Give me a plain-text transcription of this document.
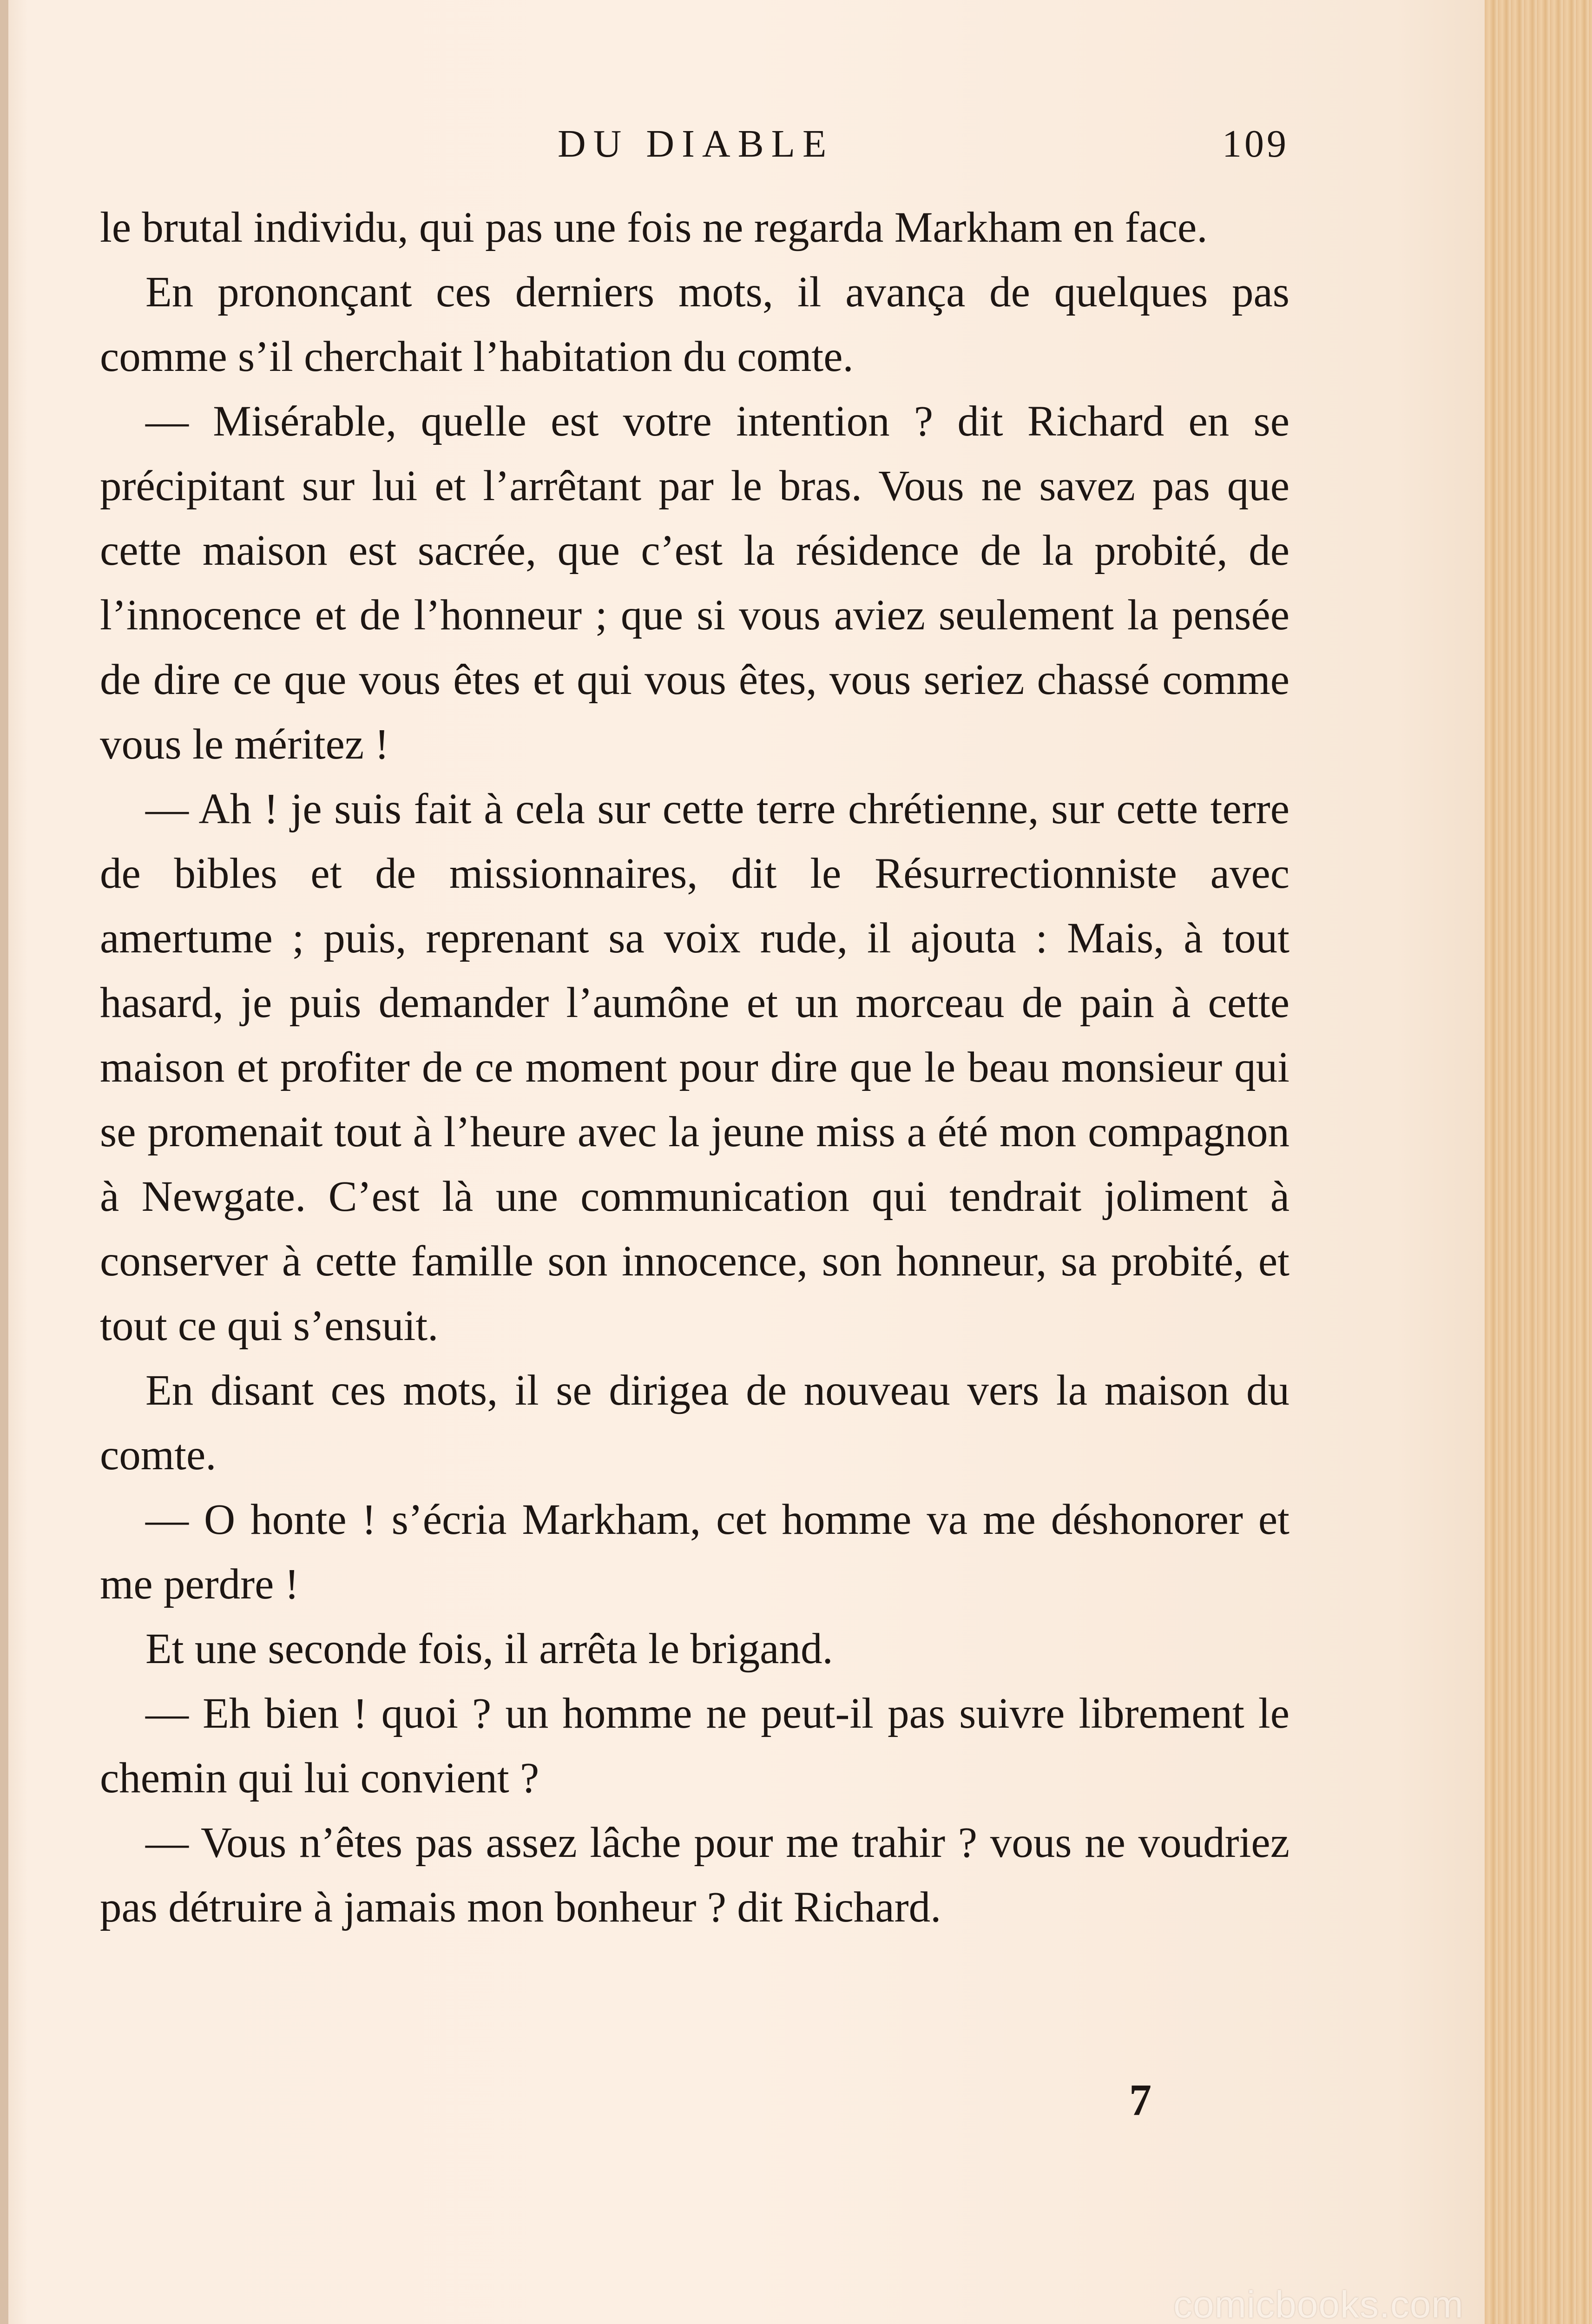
DU DIABLE	109

le brutal individu, qui pas une fois ne regarda Markham en face.

En prononçant ces derniers mots, il avança de quelques pas comme s’il cherchait l’habitation du comte.

— Misérable, quelle est votre intention ? dit Richard en se précipitant sur lui et l’arrêtant par le bras. Vous ne savez pas que cette maison est sacrée, que c’est la résidence de la probité, de l’innocence et de l’honneur ; que si vous aviez seulement la pensée de dire ce que vous êtes et qui vous êtes, vous seriez chassé comme vous le méritez !

— Ah ! je suis fait à cela sur cette terre chrétienne, sur cette terre de bibles et de missionnaires, dit le Résurrectionniste avec amertume ; puis, reprenant sa voix rude, il ajouta : Mais, à tout hasard, je puis demander l’aumône et un morceau de pain à cette maison et profiter de ce moment pour dire que le beau monsieur qui se promenait tout à l’heure avec la jeune miss a été mon compagnon à Newgate. C’est là une communication qui tendrait joliment à conserver à cette famille son innocence, son honneur, sa probité, et tout ce qui s’ensuit.

En disant ces mots, il se dirigea de nouveau vers la maison du comte.

— O honte ! s’écria Markham, cet homme va me déshonorer et me perdre !

Et une seconde fois, il arrêta le brigand.

— Eh bien ! quoi ? un homme ne peut-il pas suivre librement le chemin qui lui convient ?

— Vous n’êtes pas assez lâche pour me trahir ? vous ne voudriez pas détruire à jamais mon bonheur ? dit Richard.

7
comicbooks.com
